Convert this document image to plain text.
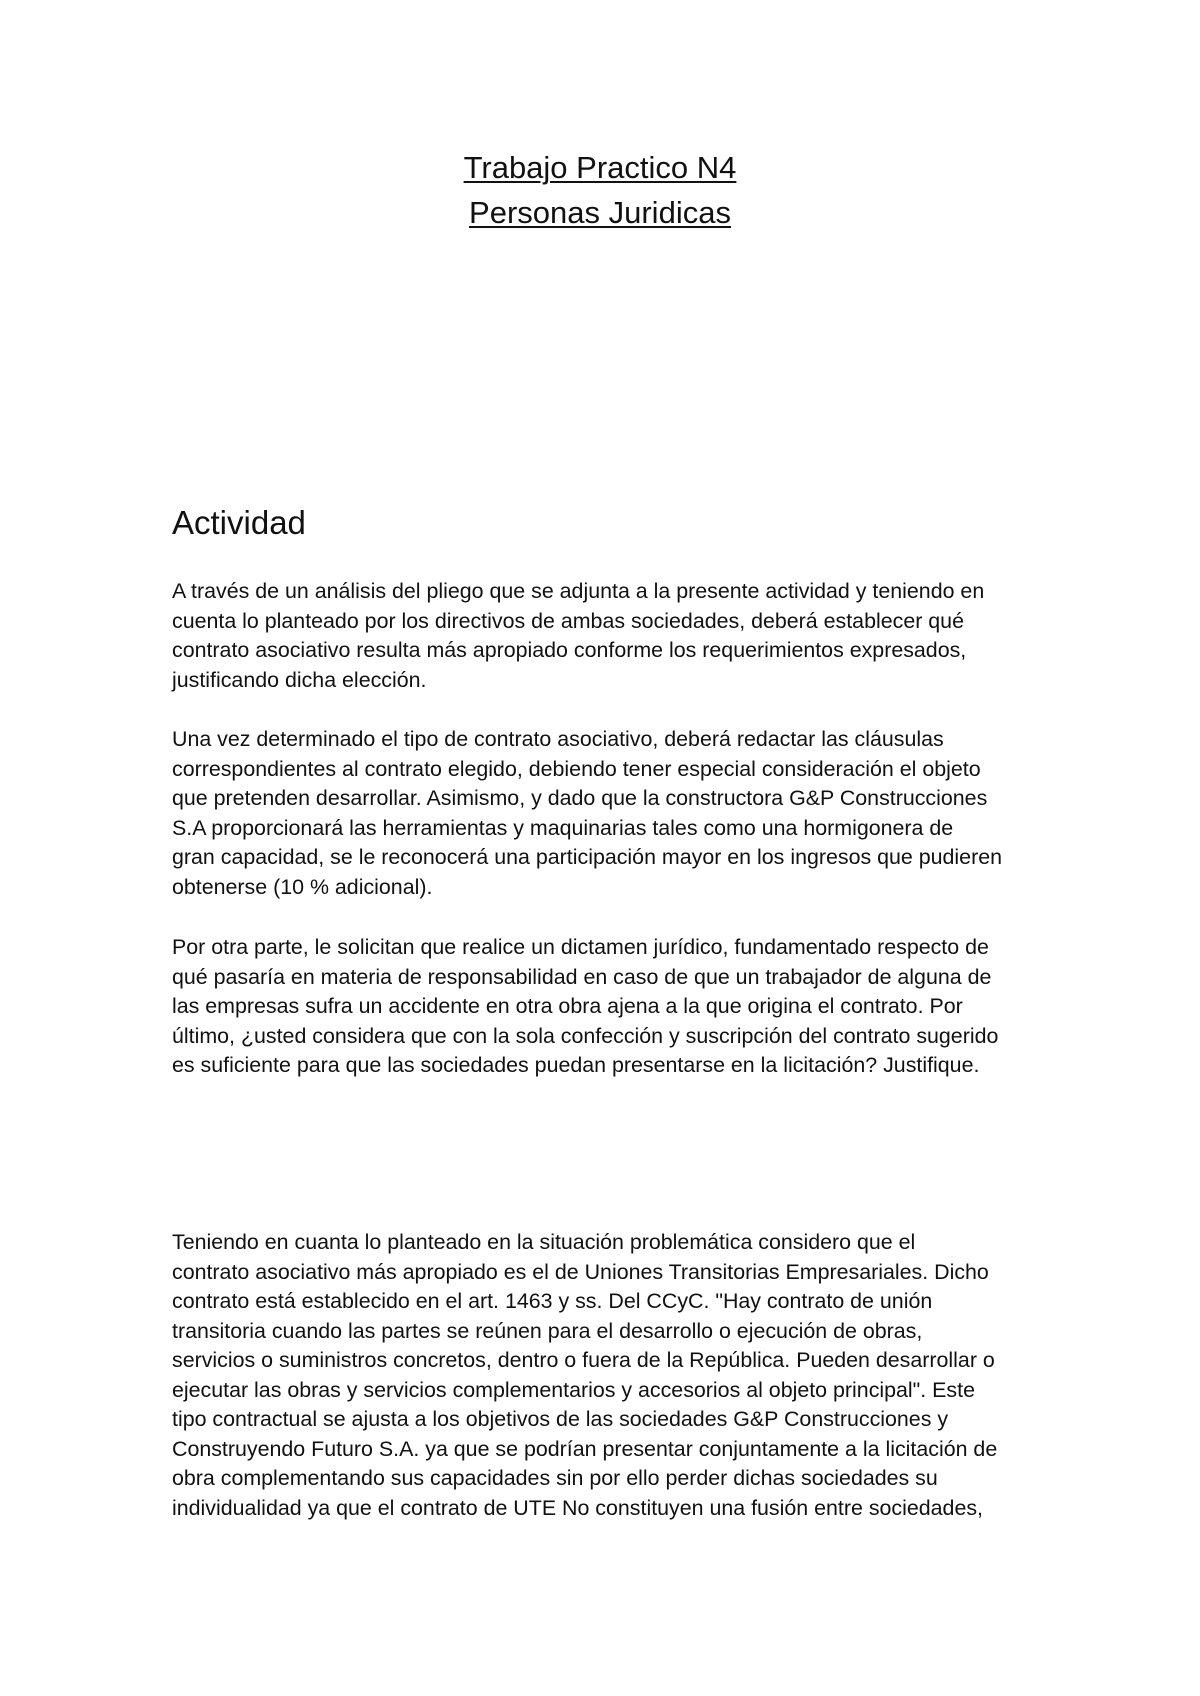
Trabajo Practico N4
Personas Juridicas
Actividad
A través de un análisis del pliego que se adjunta a la presente actividad y teniendo en
cuenta lo planteado por los directivos de ambas sociedades, deberá establecer qué
contrato asociativo resulta más apropiado conforme los requerimientos expresados,
justificando dicha elección.
Una vez determinado el tipo de contrato asociativo, deberá redactar las cláusulas
correspondientes al contrato elegido, debiendo tener especial consideración el objeto
que pretenden desarrollar. Asimismo, y dado que la constructora G&P Construcciones
S.A proporcionará las herramientas y maquinarias tales como una hormigonera de
gran capacidad, se le reconocerá una participación mayor en los ingresos que pudieren
obtenerse (10 % adicional).
Por otra parte, le solicitan que realice un dictamen jurídico, fundamentado respecto de
qué pasaría en materia de responsabilidad en caso de que un trabajador de alguna de
las empresas sufra un accidente en otra obra ajena a la que origina el contrato. Por
último, ¿usted considera que con la sola confección y suscripción del contrato sugerido
es suficiente para que las sociedades puedan presentarse en la licitación? Justifique.
Teniendo en cuanta lo planteado en la situación problemática considero que el
contrato asociativo más apropiado es el de Uniones Transitorias Empresariales. Dicho
contrato está establecido en el art. 1463 y ss. Del CCyC. "Hay contrato de unión
transitoria cuando las partes se reúnen para el desarrollo o ejecución de obras,
servicios o suministros concretos, dentro o fuera de la República. Pueden desarrollar o
ejecutar las obras y servicios complementarios y accesorios al objeto principal". Este
tipo contractual se ajusta a los objetivos de las sociedades G&P Construcciones y
Construyendo Futuro S.A. ya que se podrían presentar conjuntamente a la licitación de
obra complementando sus capacidades sin por ello perder dichas sociedades su
individualidad ya que el contrato de UTE No constituyen una fusión entre sociedades,
